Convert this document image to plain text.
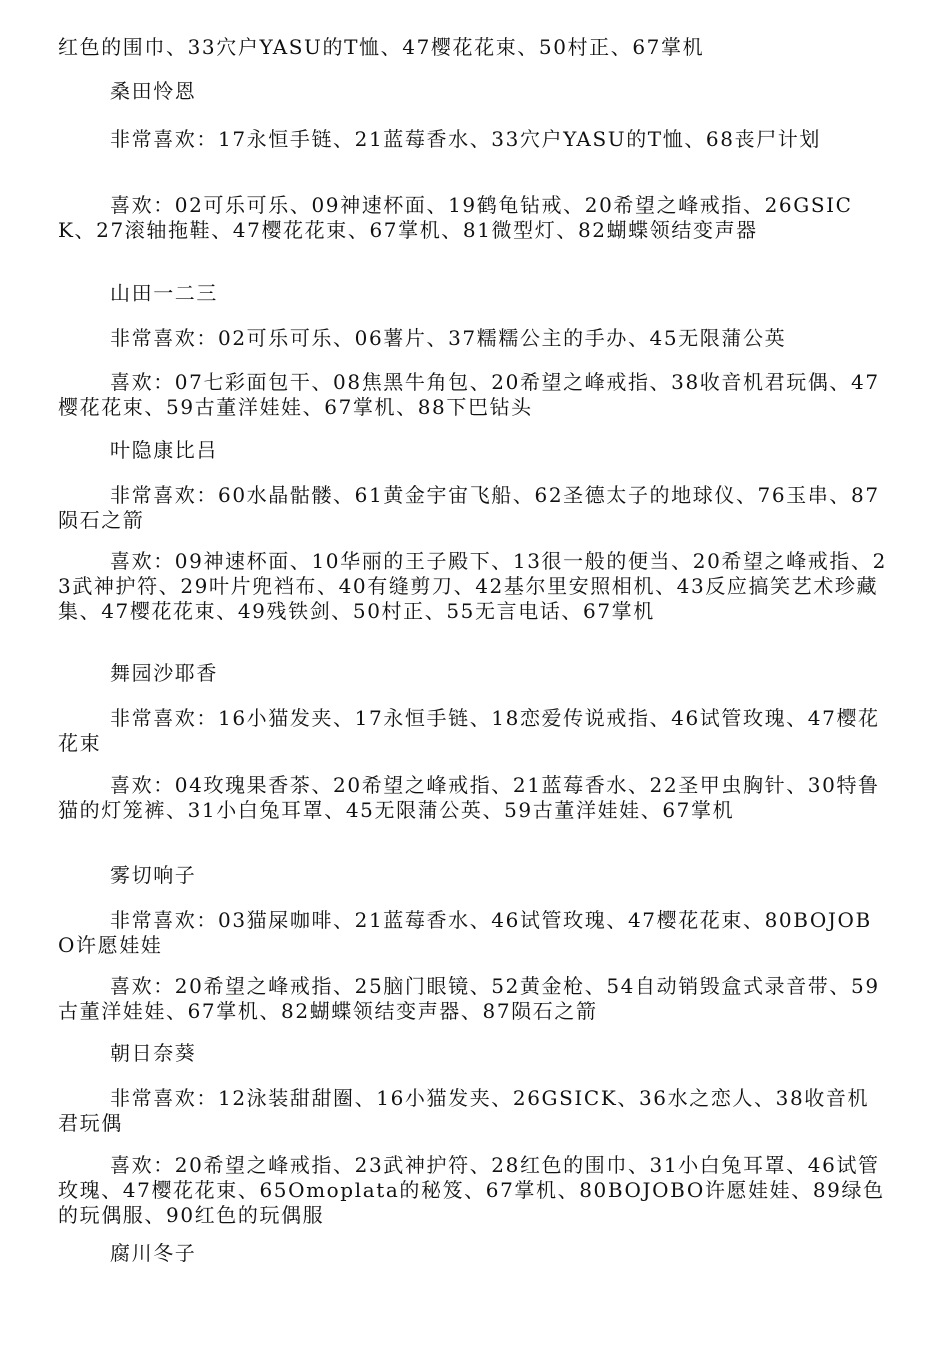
红色的围巾、33穴户YASU的T恤、47樱花花束、50村正、67掌机
桑田怜恩
非常喜欢：17永恒手链、21蓝莓香水、33穴户YASU的T恤、68丧尸计划
喜欢：02可乐可乐、09神速杯面、19鹤龟钻戒、20希望之峰戒指、26GSICK、27滚轴拖鞋、47樱花花束、67掌机、81微型灯、82蝴蝶领结变声器
山田一二三
非常喜欢：02可乐可乐、06薯片、37糯糯公主的手办、45无限蒲公英
喜欢：07七彩面包干、08焦黑牛角包、20希望之峰戒指、38收音机君玩偶、47樱花花束、59古董洋娃娃、67掌机、88下巴钻头
叶隐康比吕
非常喜欢：60水晶骷髅、61黄金宇宙飞船、62圣德太子的地球仪、76玉串、87陨石之箭
喜欢：09神速杯面、10华丽的王子殿下、13很一般的便当、20希望之峰戒指、23武神护符、29叶片兜裆布、40有缝剪刀、42基尔里安照相机、43反应搞笑艺术珍藏集、47樱花花束、49残铁剑、50村正、55无言电话、67掌机
舞园沙耶香
非常喜欢：16小猫发夹、17永恒手链、18恋爱传说戒指、46试管玫瑰、47樱花花束
喜欢：04玫瑰果香茶、20希望之峰戒指、21蓝莓香水、22圣甲虫胸针、30特鲁猫的灯笼裤、31小白兔耳罩、45无限蒲公英、59古董洋娃娃、67掌机
雾切响子
非常喜欢：03猫屎咖啡、21蓝莓香水、46试管玫瑰、47樱花花束、80BOJOBO许愿娃娃
喜欢：20希望之峰戒指、25脑门眼镜、52黄金枪、54自动销毁盒式录音带、59古董洋娃娃、67掌机、82蝴蝶领结变声器、87陨石之箭
朝日奈葵
非常喜欢：12泳装甜甜圈、16小猫发夹、26GSICK、36水之恋人、38收音机君玩偶
喜欢：20希望之峰戒指、23武神护符、28红色的围巾、31小白兔耳罩、46试管玫瑰、47樱花花束、65Omoplata的秘笈、67掌机、80BOJOBO许愿娃娃、89绿色的玩偶服、90红色的玩偶服
腐川冬子
